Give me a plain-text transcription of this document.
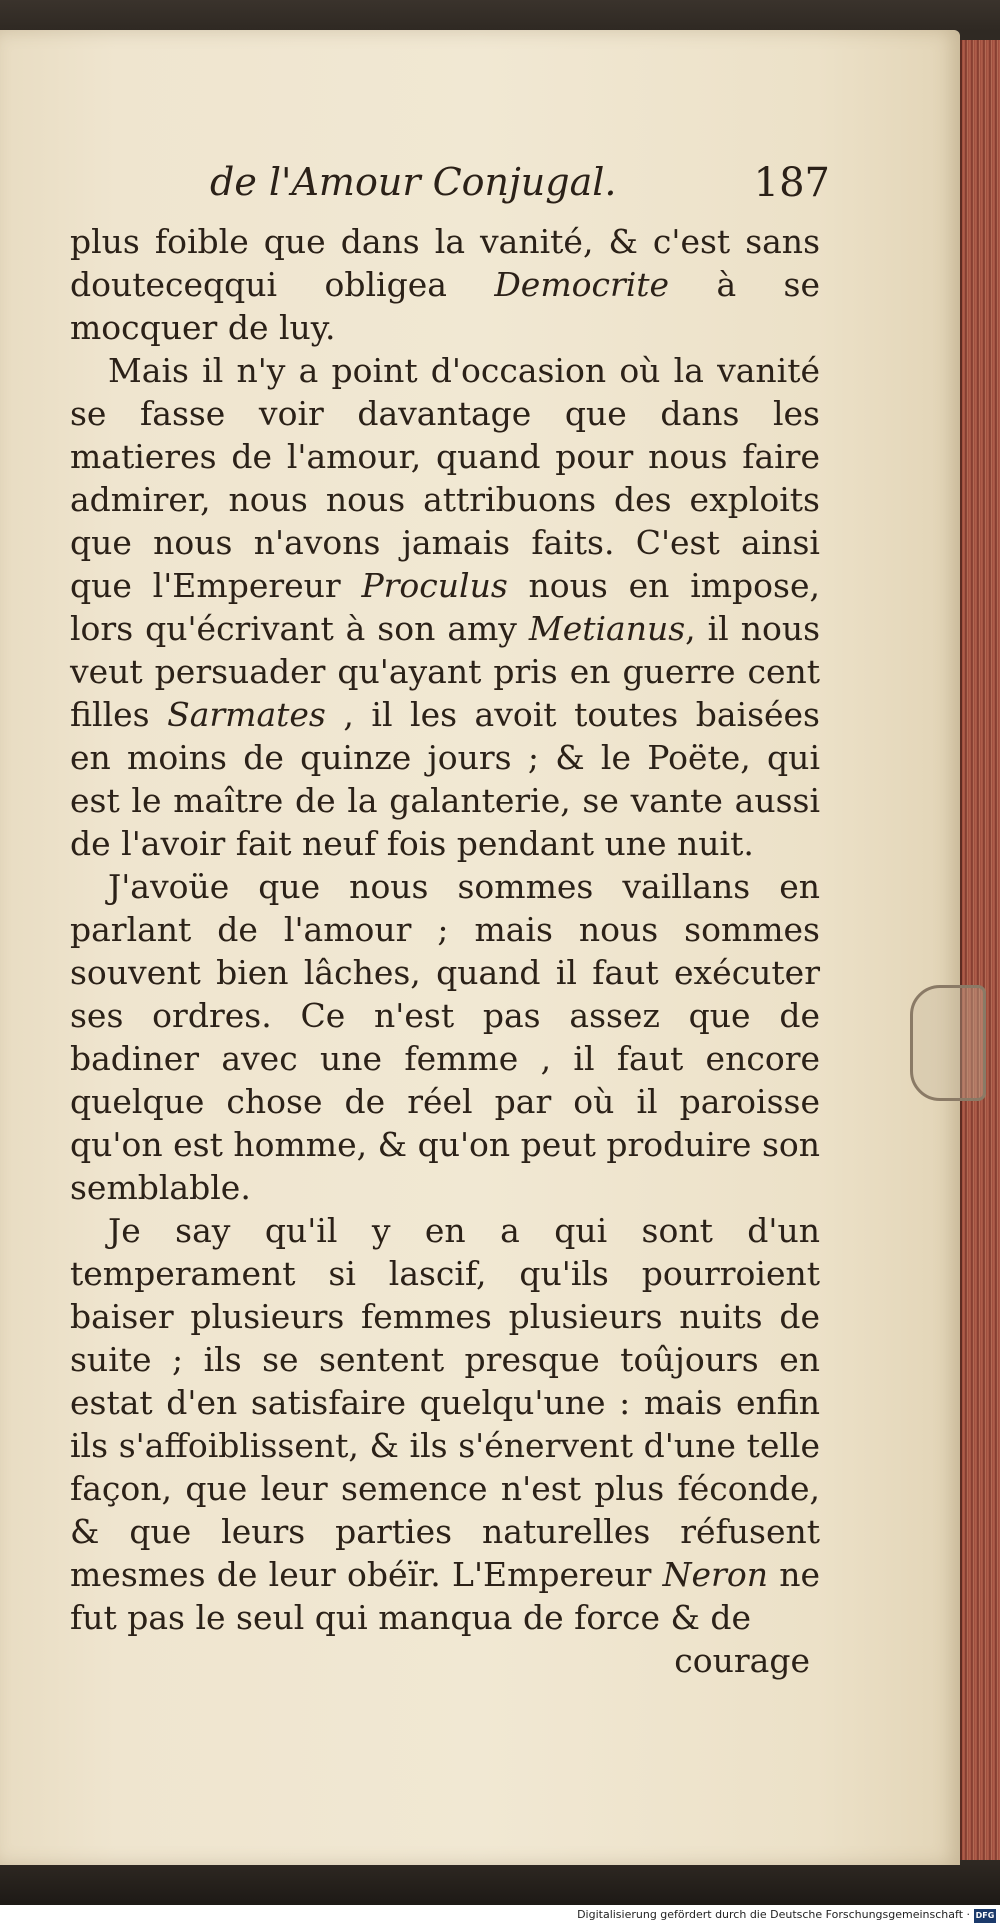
de l'Amour Conjugal.	187

plus foible que dans la vanité, & c'est sans douteceqqui obligea Democrite à se mocquer de luy.

Mais il n'y a point d'occasion où la vanité se fasse voir davantage que dans les matieres de l'amour, quand pour nous faire admirer, nous nous attribuons des exploits que nous n'avons jamais faits. C'est ainsi que l'Empereur Proculus nous en impose, lors qu'écrivant à son amy Metianus, il nous veut persuader qu'ayant pris en guerre cent filles Sarmates , il les avoit toutes baisées en moins de quinze jours ; & le Poëte, qui est le maître de la galanterie, se vante aussi de l'avoir fait neuf fois pendant une nuit.

J'avoüe que nous sommes vaillans en parlant de l'amour ; mais nous sommes souvent bien lâches, quand il faut exécuter ses ordres. Ce n'est pas assez que de badiner avec une femme , il faut encore quelque chose de réel par où il paroisse qu'on est homme, & qu'on peut produire son semblable.

Je say qu'il y en a qui sont d'un temperament si lascif, qu'ils pourroient baiser plusieurs femmes plusieurs nuits de suite ; ils se sentent presque toûjours en estat d'en satisfaire quelqu'une : mais enfin ils s'affoiblissent, & ils s'énervent d'une telle façon, que leur semence n'est plus féconde, & que leurs parties naturelles réfusent mesmes de leur obéïr. L'Empereur Neron ne fut pas le seul qui manqua de force & de

courage

Digitalisierung gefördert durch die Deutsche Forschungsgemeinschaft · DFG
